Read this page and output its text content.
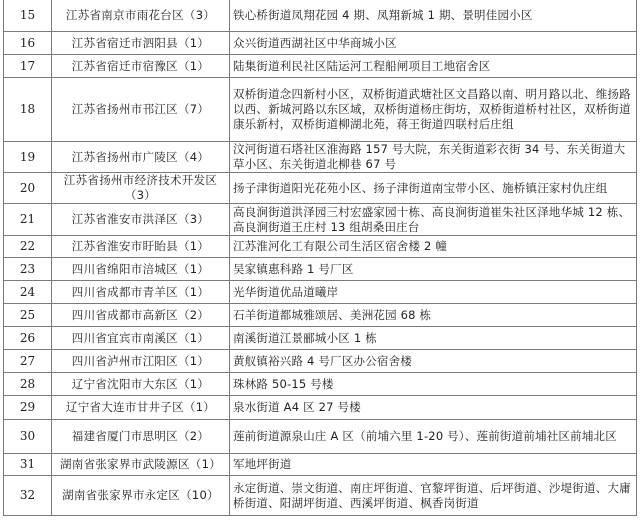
15	江苏省南京市雨花台区（3）	铁心桥街道凤翔花园 4 期、凤翔新城 1 期、景明佳园小区
16	江苏省宿迁市泗阳县（1）	众兴街道西湖社区中华商城小区
17	江苏省宿迁市宿豫区（1）	陆集街道利民社区陆运河工程船闸项目工地宿舍区
18	江苏省扬州市邗江区（7）	双桥街道念四新村小区，双桥街道武塘社区文昌路以南、明月路以北、维扬路以西、新城河路以东区域，双桥街道杨庄街坊，双桥街道桥村社区，双桥街道康乐新村，双桥街道柳湖北苑，蒋王街道四联村后庄组
19	江苏省扬州市广陵区（4）	汶河街道石塔社区淮海路 157 号大院，东关街道彩衣街 34 号、东关街道大草小区、东关街道北柳巷 67 号
20	江苏省扬州市经济技术开发区（3）	扬子津街道阳光花苑小区、扬子津街道南宝带小区、施桥镇汪家村仇庄组
21	江苏省淮安市洪泽区（3）	高良涧街道洪泽园三村宏盛家园十栋、高良涧街道崔朱社区泽地华城 12 栋、高良涧街道王庄村 13 组胡桑田庄台
22	江苏省淮安市盱眙县（1）	江苏淮河化工有限公司生活区宿舍楼 2 幢
23	四川省绵阳市涪城区（1）	吴家镇惠科路 1 号厂区
24	四川省成都市青羊区（1）	光华街道优品道曦岸
25	四川省成都市高新区（2）	石羊街道都城雅颂居、美洲花园 68 栋
26	四川省宜宾市南溪区（1）	南溪街道江景郦城小区 1 栋
27	四川省泸州市江阳区（1）	黄舣镇裕兴路 4 号厂区办公宿舍楼
28	辽宁省沈阳市大东区（1）	珠林路 50-15 号楼
29	辽宁省大连市甘井子区（1）	泉水街道 A4 区 27 号楼
30	福建省厦门市思明区（2）	莲前街道源泉山庄 A 区（前埔六里 1-20 号）、莲前街道前埔社区前埔北区
31	湖南省张家界市武陵源区（1）	军地坪街道
32	湖南省张家界市永定区（10）	永定街道、崇文街道、南庄坪街道、官黎坪街道、后坪街道、沙堤街道、大庸桥街道、阳湖坪街道、西溪坪街道、枫香岗街道
